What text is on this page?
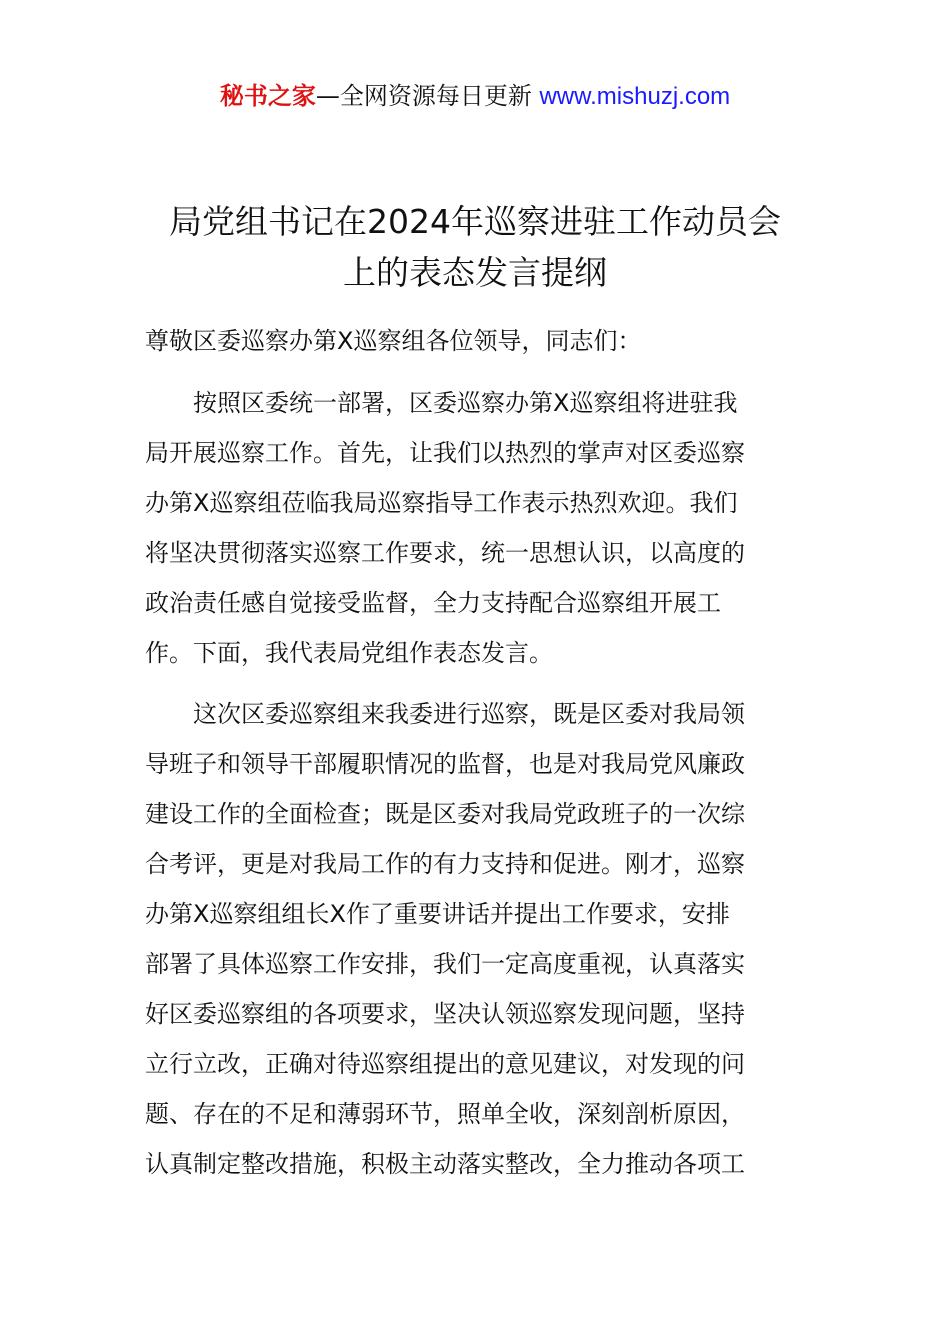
秘书之家—全网资源每日更新 www.mishuzj.com
局党组书记在2024年巡察进驻工作动员会
上的表态发言提纲
尊敬区委巡察办第Ⅹ巡察组各位领导，同志们：
　　按照区委统一部署，区委巡察办第Ⅹ巡察组将进驻我
局开展巡察工作。首先，让我们以热烈的掌声对区委巡察
办第Ⅹ巡察组莅临我局巡察指导工作表示热烈欢迎。我们
将坚决贯彻落实巡察工作要求，统一思想认识，以高度的
政治责任感自觉接受监督，全力支持配合巡察组开展工
作。下面，我代表局党组作表态发言。
　　这次区委巡察组来我委进行巡察，既是区委对我局领
导班子和领导干部履职情况的监督，也是对我局党风廉政
建设工作的全面检查；既是区委对我局党政班子的一次综
合考评，更是对我局工作的有力支持和促进。刚才，巡察
办第Ⅹ巡察组组长Ⅹ作了重要讲话并提出工作要求，安排
部署了具体巡察工作安排，我们一定高度重视，认真落实
好区委巡察组的各项要求，坚决认领巡察发现问题，坚持
立行立改，正确对待巡察组提出的意见建议，对发现的问
题、存在的不足和薄弱环节，照单全收，深刻剖析原因，
认真制定整改措施，积极主动落实整改，全力推动各项工
